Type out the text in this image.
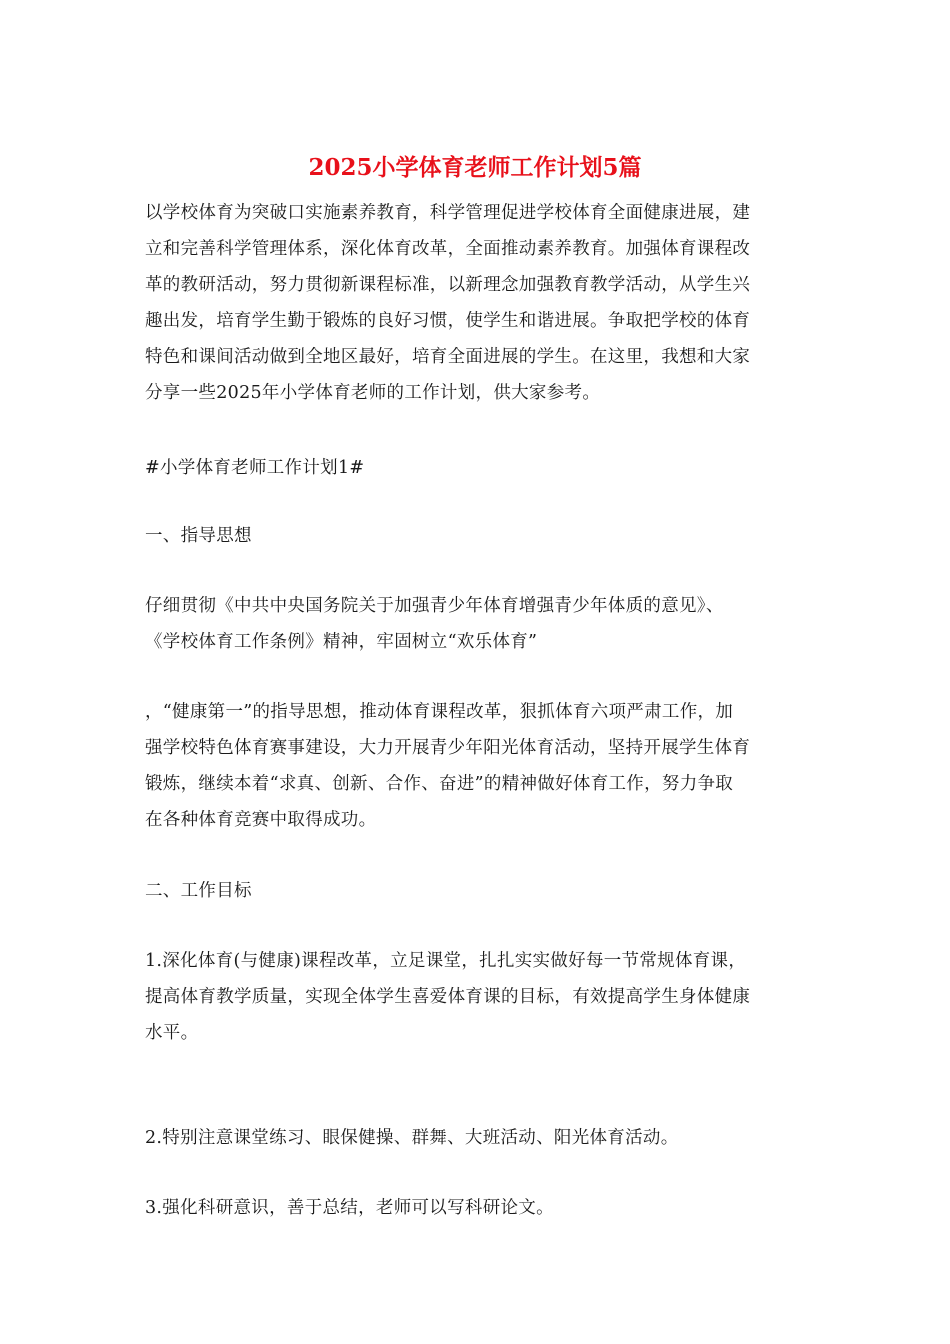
2025小学体育老师工作计划5篇
以学校体育为突破口实施素养教育，科学管理促进学校体育全面健康进展，建
立和完善科学管理体系，深化体育改革，全面推动素养教育。加强体育课程改
革的教研活动，努力贯彻新课程标准，以新理念加强教育教学活动，从学生兴
趣出发，培育学生勤于锻炼的良好习惯，使学生和谐进展。争取把学校的体育
特色和课间活动做到全地区最好，培育全面进展的学生。在这里，我想和大家
分享一些2025年小学体育老师的工作计划，供大家参考。
#小学体育老师工作计划1#
一、指导思想
仔细贯彻《中共中央国务院关于加强青少年体育增强青少年体质的意见》、
《学校体育工作条例》精神，牢固树立“欢乐体育”
，“健康第一”的指导思想，推动体育课程改革，狠抓体育六项严肃工作，加
强学校特色体育赛事建设，大力开展青少年阳光体育活动，坚持开展学生体育
锻炼，继续本着“求真、创新、合作、奋进”的精神做好体育工作，努力争取
在各种体育竞赛中取得成功。
二、工作目标
1.深化体育(与健康)课程改革，立足课堂，扎扎实实做好每一节常规体育课，
提高体育教学质量，实现全体学生喜爱体育课的目标，有效提高学生身体健康
水平。
2.特别注意课堂练习、眼保健操、群舞、大班活动、阳光体育活动。
3.强化科研意识，善于总结，老师可以写科研论文。
